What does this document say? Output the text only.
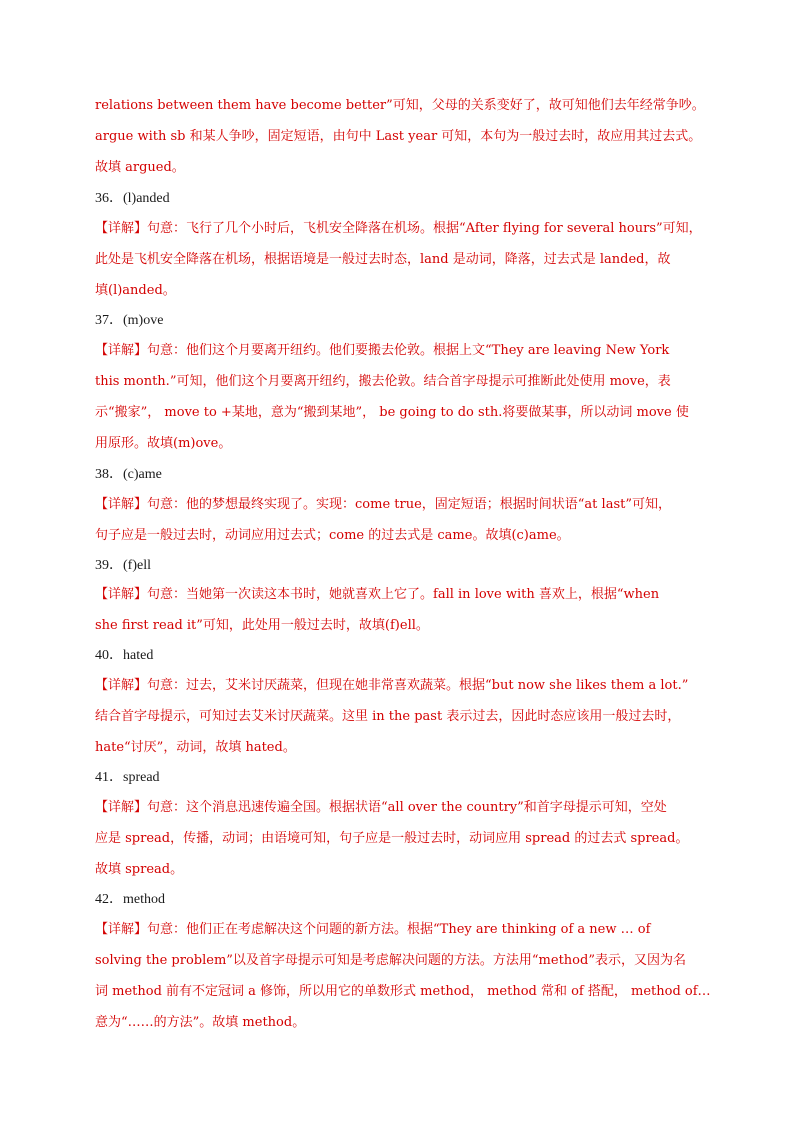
relations between them have become better”可知，父母的关系变好了，故可知他们去年经常争吵。
argue with sb 和某人争吵，固定短语，由句中 Last year 可知，本句为一般过去时，故应用其过去式。
故填 argued。
36．(l)anded
【详解】句意：飞行了几个小时后，飞机安全降落在机场。根据“After flying for several hours”可知，
此处是飞机安全降落在机场，根据语境是一般过去时态，land 是动词，降落，过去式是 landed，故
填(l)anded。
37．(m)ove
【详解】句意：他们这个月要离开纽约。他们要搬去伦敦。根据上文“They are leaving New York
this month.”可知，他们这个月要离开纽约，搬去伦敦。结合首字母提示可推断此处使用 move，表
示“搬家”， move to +某地，意为“搬到某地”， be going to do sth.将要做某事，所以动词 move 使
用原形。故填(m)ove。
38．(c)ame
【详解】句意：他的梦想最终实现了。实现：come true，固定短语；根据时间状语“at last”可知，
句子应是一般过去时，动词应用过去式；come 的过去式是 came。故填(c)ame。
39．(f)ell
【详解】句意：当她第一次读这本书时，她就喜欢上它了。fall in love with 喜欢上，根据“when
she first read it”可知，此处用一般过去时，故填(f)ell。
40．hated
【详解】句意：过去，艾米讨厌蔬菜，但现在她非常喜欢蔬菜。根据“but now she likes them a lot.”
结合首字母提示，可知过去艾米讨厌蔬菜。这里 in the past 表示过去，因此时态应该用一般过去时，
hate“讨厌”，动词，故填 hated。
41．spread
【详解】句意：这个消息迅速传遍全国。根据状语“all over the country”和首字母提示可知，空处
应是 spread，传播，动词；由语境可知，句子应是一般过去时，动词应用 spread 的过去式 spread。
故填 spread。
42．method
【详解】句意：他们正在考虑解决这个问题的新方法。根据“They are thinking of a new … of
solving the problem”以及首字母提示可知是考虑解决问题的方法。方法用“method”表示，又因为名
词 method 前有不定冠词 a 修饰，所以用它的单数形式 method， method 常和 of 搭配， method of…
意为“……的方法”。故填 method。
